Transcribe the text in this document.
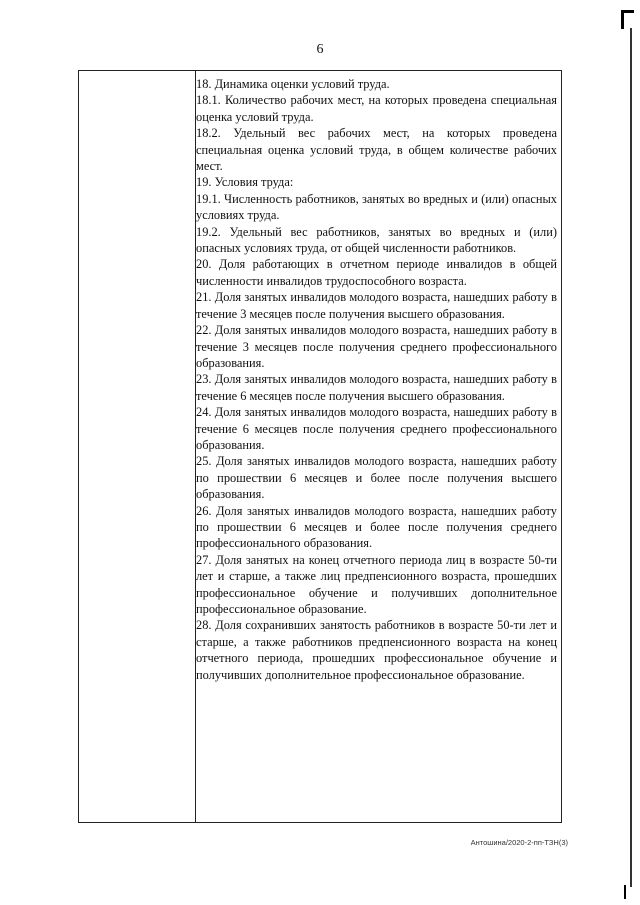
6

18. Динамика оценки условий труда.

18.1. Количество рабочих мест, на которых проведена специальная оценка условий труда.

18.2. Удельный вес рабочих мест, на которых проведена специальная оценка условий труда, в общем количестве рабочих мест.

19. Условия труда:

19.1. Численность работников, занятых во вредных и (или) опасных условиях труда.

19.2. Удельный вес работников, занятых во вредных и (или) опасных условиях труда, от общей численности работников.

20. Доля работающих в отчетном периоде инвалидов в общей численности инвалидов трудоспособного возраста.

21. Доля занятых инвалидов молодого возраста, нашедших работу в течение 3 месяцев после получения высшего образования.

22. Доля занятых инвалидов молодого возраста, нашедших работу в течение 3 месяцев после получения среднего профессионального образования.

23. Доля занятых инвалидов молодого возраста, нашедших работу в течение 6 месяцев после получения высшего образования.

24. Доля занятых инвалидов молодого возраста, нашедших работу в течение 6 месяцев после получения среднего профессионального образования.

25. Доля занятых инвалидов молодого возраста, нашедших работу по прошествии 6 месяцев и более после получения высшего образования.

26. Доля занятых инвалидов молодого возраста, нашедших работу по прошествии 6 месяцев и более после получения среднего профессионального образования.

27. Доля занятых на конец отчетного периода лиц в возрасте 50-ти лет и старше, а также лиц предпенсионного возраста, прошедших профессиональное обучение и получивших дополнительное профессиональное образование.

28. Доля сохранивших занятость работников в возрасте 50-ти лет и старше, а также работников предпенсионного возраста на конец отчетного периода, прошедших профессиональное обучение и получивших дополнительное профессиональное образование.

Антошина/2020-2-пп-ТЗН(3)
